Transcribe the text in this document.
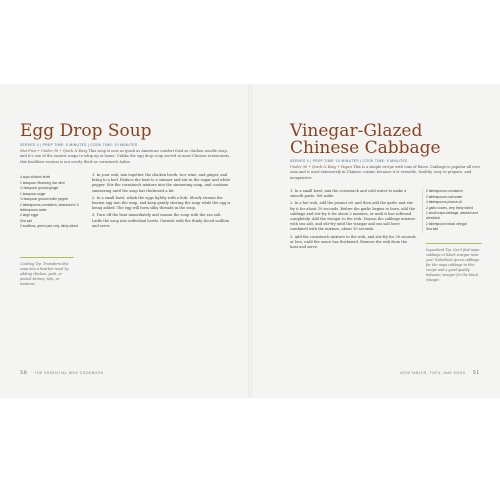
Egg Drop Soup
SERVES 4 | PREP TIME: 5 MINUTES | COOK TIME: 10 MINUTES
Nut-Free • Under 30 • Quick & Easy This soup is now as quick as American comfort food as chicken noodle soup, and it's one of the easiest soups to whip up at home. Unlike the egg drop soup served in most Chinese restaurants, this healthier version is not overly thick or cornstarch laden.
4 cups chicken broth
1 teaspoon Shaoxing rice wine
¼ teaspoon ground ginger
1 teaspoon sugar
¼ teaspoon ground white pepper
2 tablespoons cornstarch, dissolved in 3 tablespoons water
2 large eggs
Sea salt
2 scallions, green part only, thinly sliced
1. In your wok, mix together the chicken broth, rice wine, and ginger, and bring to a boil. Reduce the heat to a simmer and stir in the sugar and white pepper. Stir the cornstarch mixture into the simmering soup, and continue simmering until the soup has thickened a bit.
2. In a small bowl, whisk the eggs lightly with a fork. Slowly stream the beaten egg into the soup, and keep gently stirring the soup while the egg is being added. The egg will form silky threads in the soup.
3. Turn off the heat immediately and season the soup with the sea salt. Ladle the soup into individual bowls. Garnish with the thinly sliced scallion and serve.
Cooking Tip: Transform this soup into a heartier meal by adding chicken, pork, or peeled shrimp, tofu, or wontons.
50 THE ESSENTIAL WOK COOKBOOK
Vinegar-Glazed
Chinese Cabbage
SERVES 4 | PREP TIME: 10 MINUTES | COOK TIME: 5 MINUTES
Under 30 • Quick & Easy • Vegan This is a simple recipe with tons of flavor. Cabbage is popular all over Asia and is used extensively in Chinese cuisine because it is versatile, healthy, easy to prepare, and inexpensive.
1. In a small bowl, mix the cornstarch and cold water to make a smooth paste. Set aside.
2. In a hot wok, add the peanut oil, and then add the garlic and stir-fry it for about 10 seconds. Before the garlic begins to burn, add the cabbage and stir-fry it for about 2 minutes, or until it has softened completely. Add the vinegar to the wok. Season the cabbage mixture with sea salt, and stir-fry until the vinegar and sea salt have combined with the mixture, about 10 seconds.
3. Add the cornstarch mixture to the wok, and stir-fry for 30 seconds or less, until the sauce has thickened. Remove the wok from the heat and serve.
2 tablespoons cornstarch
2 tablespoons cold water
4 tablespoons peanut oil
2 garlic cloves, very thinly sliced
1 small napa cabbage, washed and shredded
2 tablespoons black vinegar
Sea salt
Ingredient Tip: Can't find napa cabbage or black vinegar near you? Substitute green cabbage for the napa cabbage in this recipe and a good-quality balsamic vinegar for the black vinegar.
VEGETABLES, TOFU, AND EGGS 51
